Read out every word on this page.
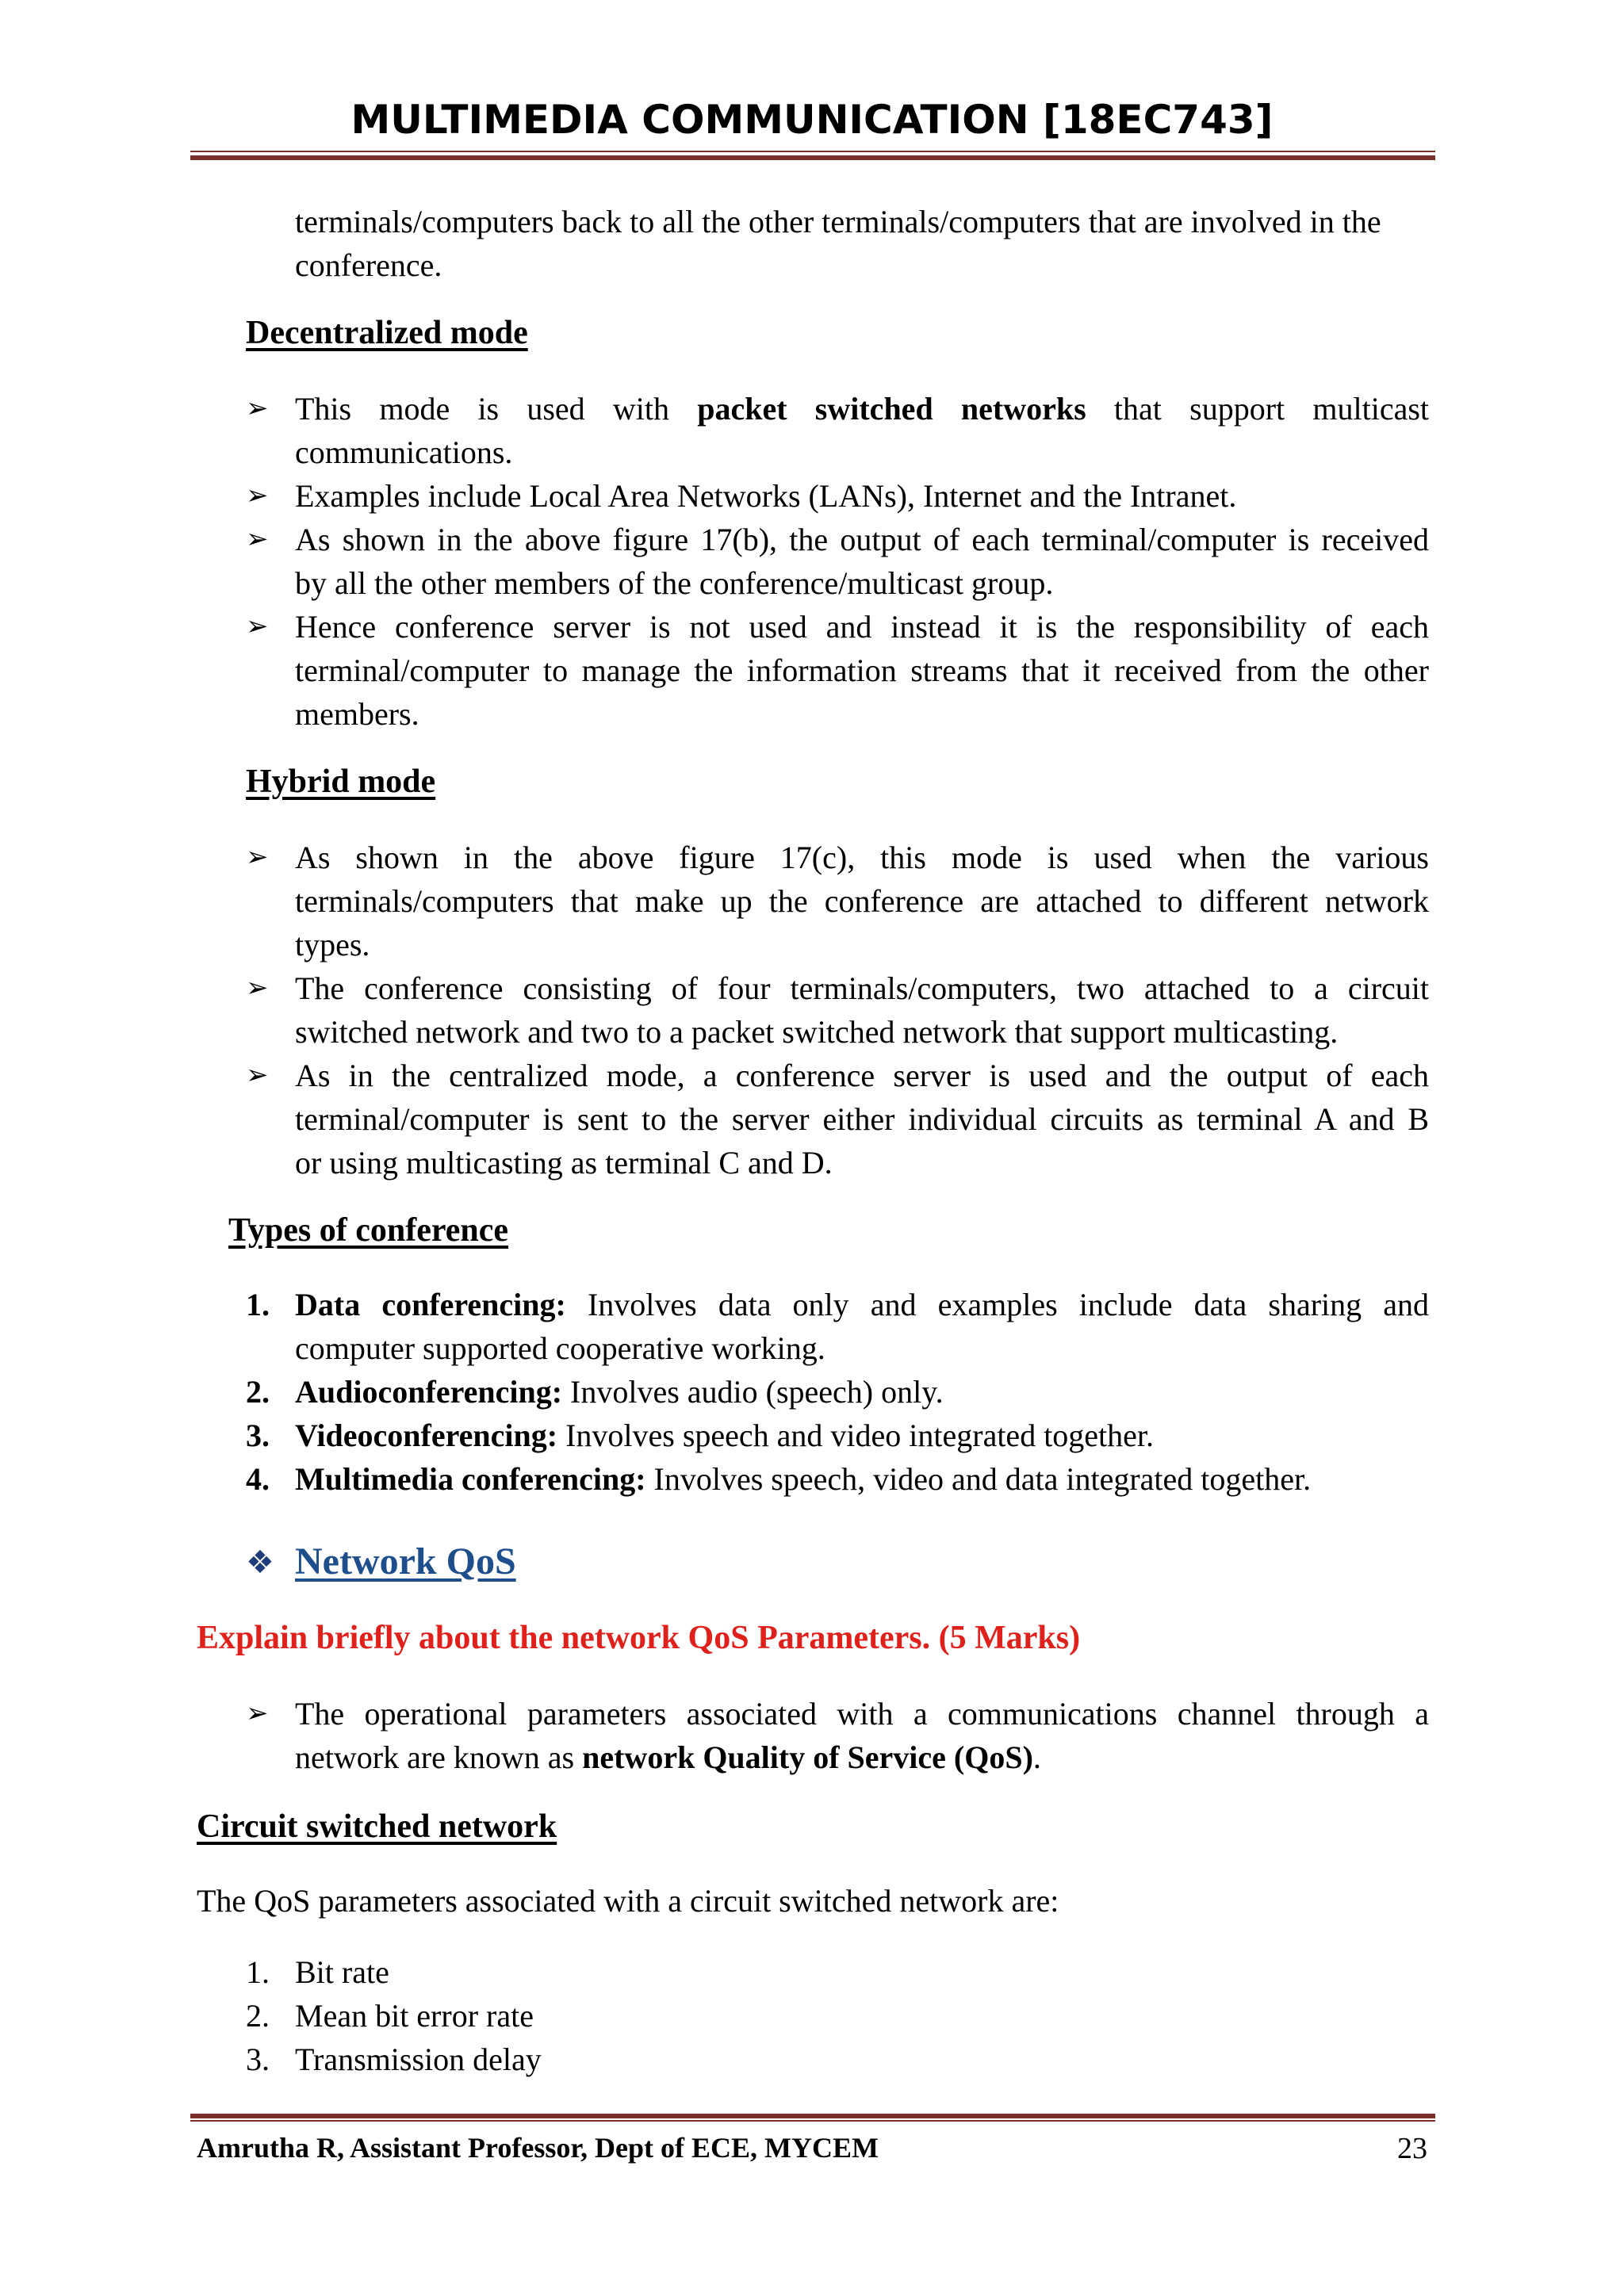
MULTIMEDIA COMMUNICATION [18EC743]
terminals/computers back to all the other terminals/computers that are involved in the
conference.
Decentralized mode
➢ This mode is used with packet switched networks that support multicast
communications.
➢ Examples include Local Area Networks (LANs), Internet and the Intranet.
➢ As shown in the above figure 17(b), the output of each terminal/computer is received
by all the other members of the conference/multicast group.
➢ Hence conference server is not used and instead it is the responsibility of each
terminal/computer to manage the information streams that it received from the other
members.
Hybrid mode
➢ As shown in the above figure 17(c), this mode is used when the various
terminals/computers that make up the conference are attached to different network
types.
➢ The conference consisting of four terminals/computers, two attached to a circuit
switched network and two to a packet switched network that support multicasting.
➢ As in the centralized mode, a conference server is used and the output of each
terminal/computer is sent to the server either individual circuits as terminal A and B
or using multicasting as terminal C and D.
Types of conference
1. Data conferencing: Involves data only and examples include data sharing and
computer supported cooperative working.
2. Audioconferencing: Involves audio (speech) only.
3. Videoconferencing: Involves speech and video integrated together.
4. Multimedia conferencing: Involves speech, video and data integrated together.
❖ Network QoS
Explain briefly about the network QoS Parameters. (5 Marks)
➢ The operational parameters associated with a communications channel through a
network are known as network Quality of Service (QoS).
Circuit switched network
The QoS parameters associated with a circuit switched network are:
1. Bit rate
2. Mean bit error rate
3. Transmission delay
Amrutha R, Assistant Professor, Dept of ECE, MYCEM	23
